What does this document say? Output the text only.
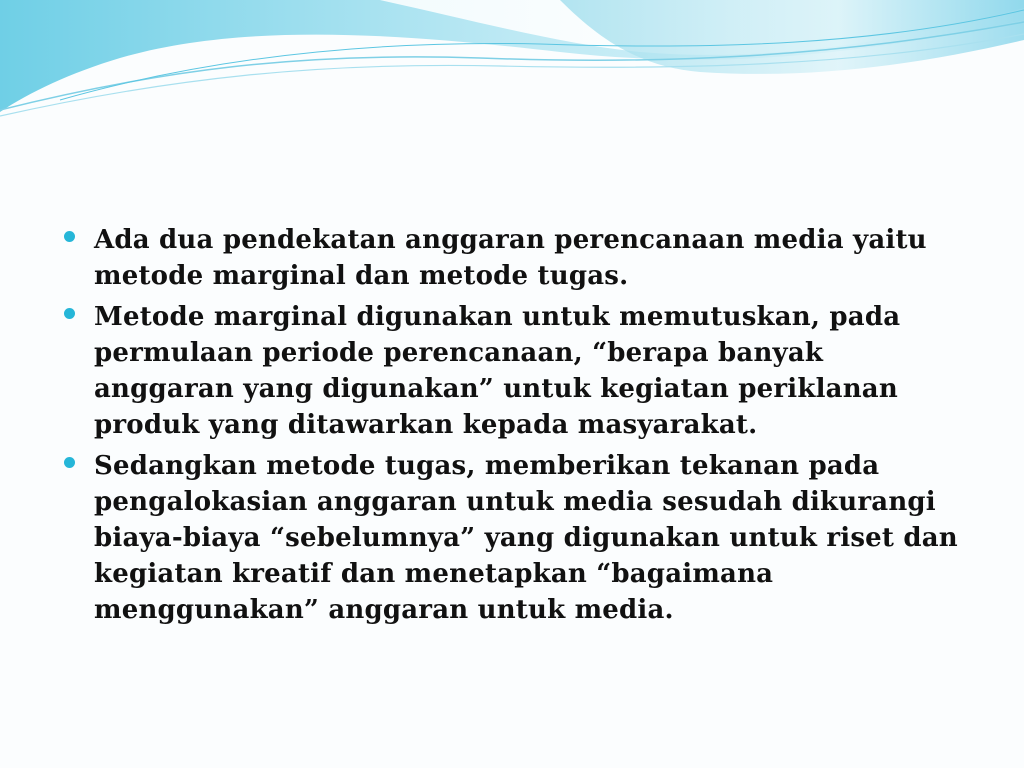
Ada dua pendekatan anggaran perencanaan media yaitu metode marginal dan metode tugas.
Metode marginal digunakan untuk memutuskan, pada permulaan periode perencanaan, “berapa banyak anggaran yang digunakan” untuk kegiatan periklanan produk yang ditawarkan kepada masyarakat.
Sedangkan metode tugas, memberikan tekanan pada pengalokasian anggaran untuk media sesudah dikurangi biaya-biaya “sebelumnya” yang digunakan untuk riset dan kegiatan kreatif dan menetapkan “bagaimana menggunakan” anggaran untuk media.
